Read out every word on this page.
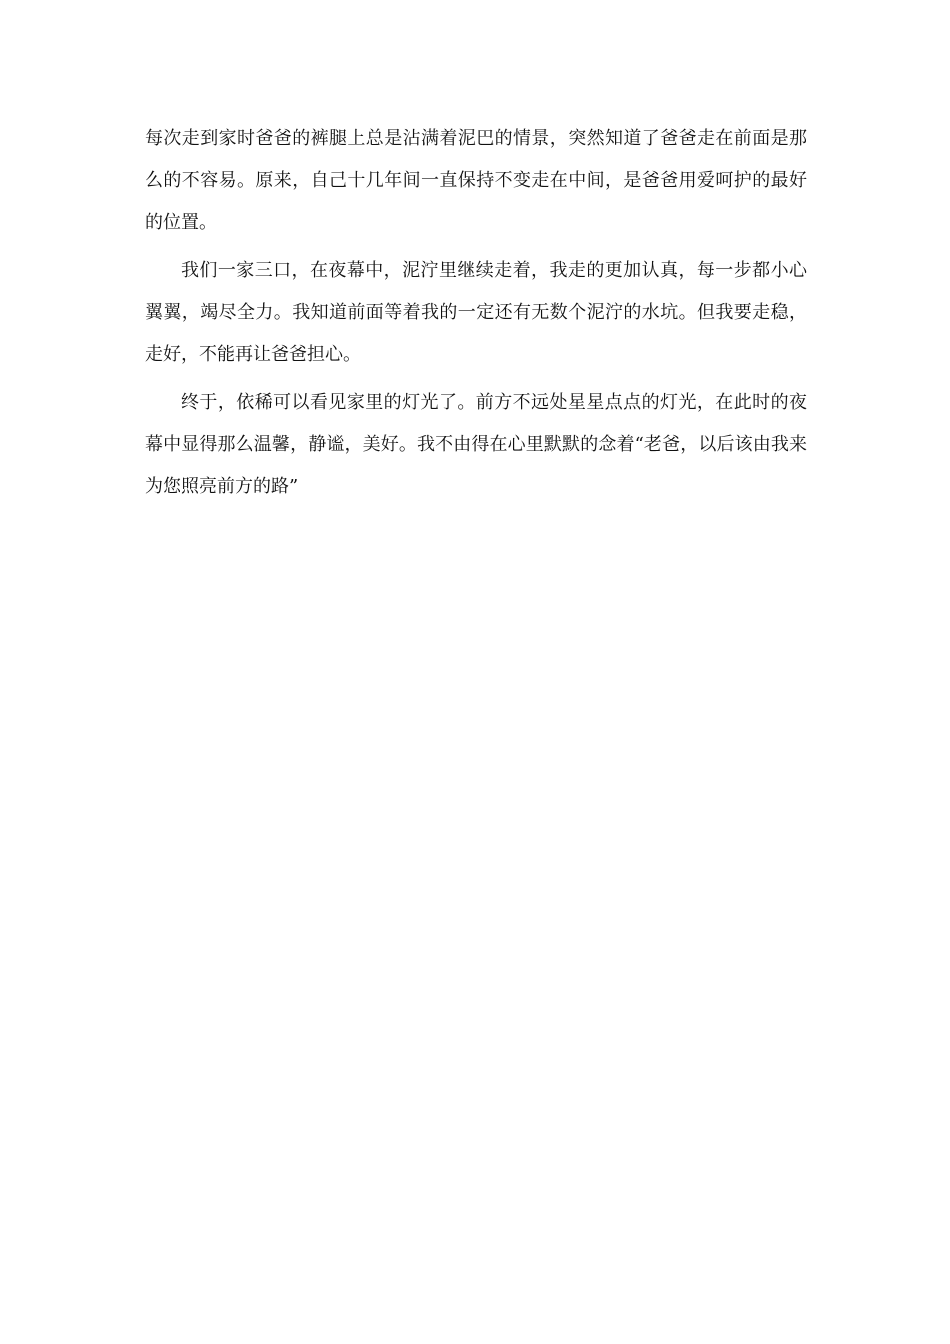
每次走到家时爸爸的裤腿上总是沾满着泥巴的情景，突然知道了爸爸走在前面是那么的不容易。原来，自己十几年间一直保持不变走在中间，是爸爸用爱呵护的最好的位置。

我们一家三口，在夜幕中，泥泞里继续走着，我走的更加认真，每一步都小心翼翼，竭尽全力。我知道前面等着我的一定还有无数个泥泞的水坑。但我要走稳，走好，不能再让爸爸担心。

终于，依稀可以看见家里的灯光了。前方不远处星星点点的灯光，在此时的夜幕中显得那么温馨，静谧，美好。我不由得在心里默默的念着“老爸，以后该由我来为您照亮前方的路”
